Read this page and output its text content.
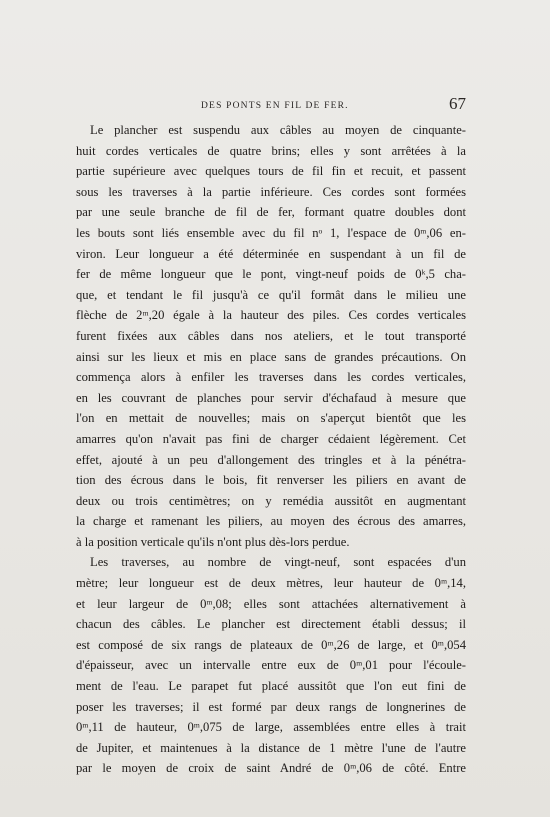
DES PONTS EN FIL DE FER.	67
Le plancher est suspendu aux câbles au moyen de cinquante-
huit cordes verticales de quatre brins; elles y sont arrêtées à la
partie supérieure avec quelques tours de fil fin et recuit, et passent
sous les traverses à la partie inférieure. Ces cordes sont formées
par une seule branche de fil de fer, formant quatre doubles dont
les bouts sont liés ensemble avec du fil nᵒ 1, l'espace de 0ᵐ,06 en-
viron. Leur longueur a été déterminée en suspendant à un fil de
fer de même longueur que le pont, vingt-neuf poids de 0ᵏ,5 cha-
que, et tendant le fil jusqu'à ce qu'il formât dans le milieu une
flèche de 2ᵐ,20 égale à la hauteur des piles. Ces cordes verticales
furent fixées aux câbles dans nos ateliers, et le tout transporté
ainsi sur les lieux et mis en place sans de grandes précautions. On
commença alors à enfiler les traverses dans les cordes verticales,
en les couvrant de planches pour servir d'échafaud à mesure que
l'on en mettait de nouvelles; mais on s'aperçut bientôt que les
amarres qu'on n'avait pas fini de charger cédaient légèrement. Cet
effet, ajouté à un peu d'allongement des tringles et à la pénétra-
tion des écrous dans le bois, fit renverser les piliers en avant de
deux ou trois centimètres; on y remédia aussitôt en augmentant
la charge et ramenant les piliers, au moyen des écrous des amarres,
à la position verticale qu'ils n'ont plus dès-lors perdue.
Les traverses, au nombre de vingt-neuf, sont espacées d'un
mètre; leur longueur est de deux mètres, leur hauteur de 0ᵐ,14,
et leur largeur de 0ᵐ,08; elles sont attachées alternativement à
chacun des câbles. Le plancher est directement établi dessus; il
est composé de six rangs de plateaux de 0ᵐ,26 de large, et 0ᵐ,054
d'épaisseur, avec un intervalle entre eux de 0ᵐ,01 pour l'écoule-
ment de l'eau. Le parapet fut placé aussitôt que l'on eut fini de
poser les traverses; il est formé par deux rangs de longnerines de
0ᵐ,11 de hauteur, 0ᵐ,075 de large, assemblées entre elles à trait
de Jupiter, et maintenues à la distance de 1 mètre l'une de l'autre
par le moyen de croix de saint André de 0ᵐ,06 de côté. Entre
